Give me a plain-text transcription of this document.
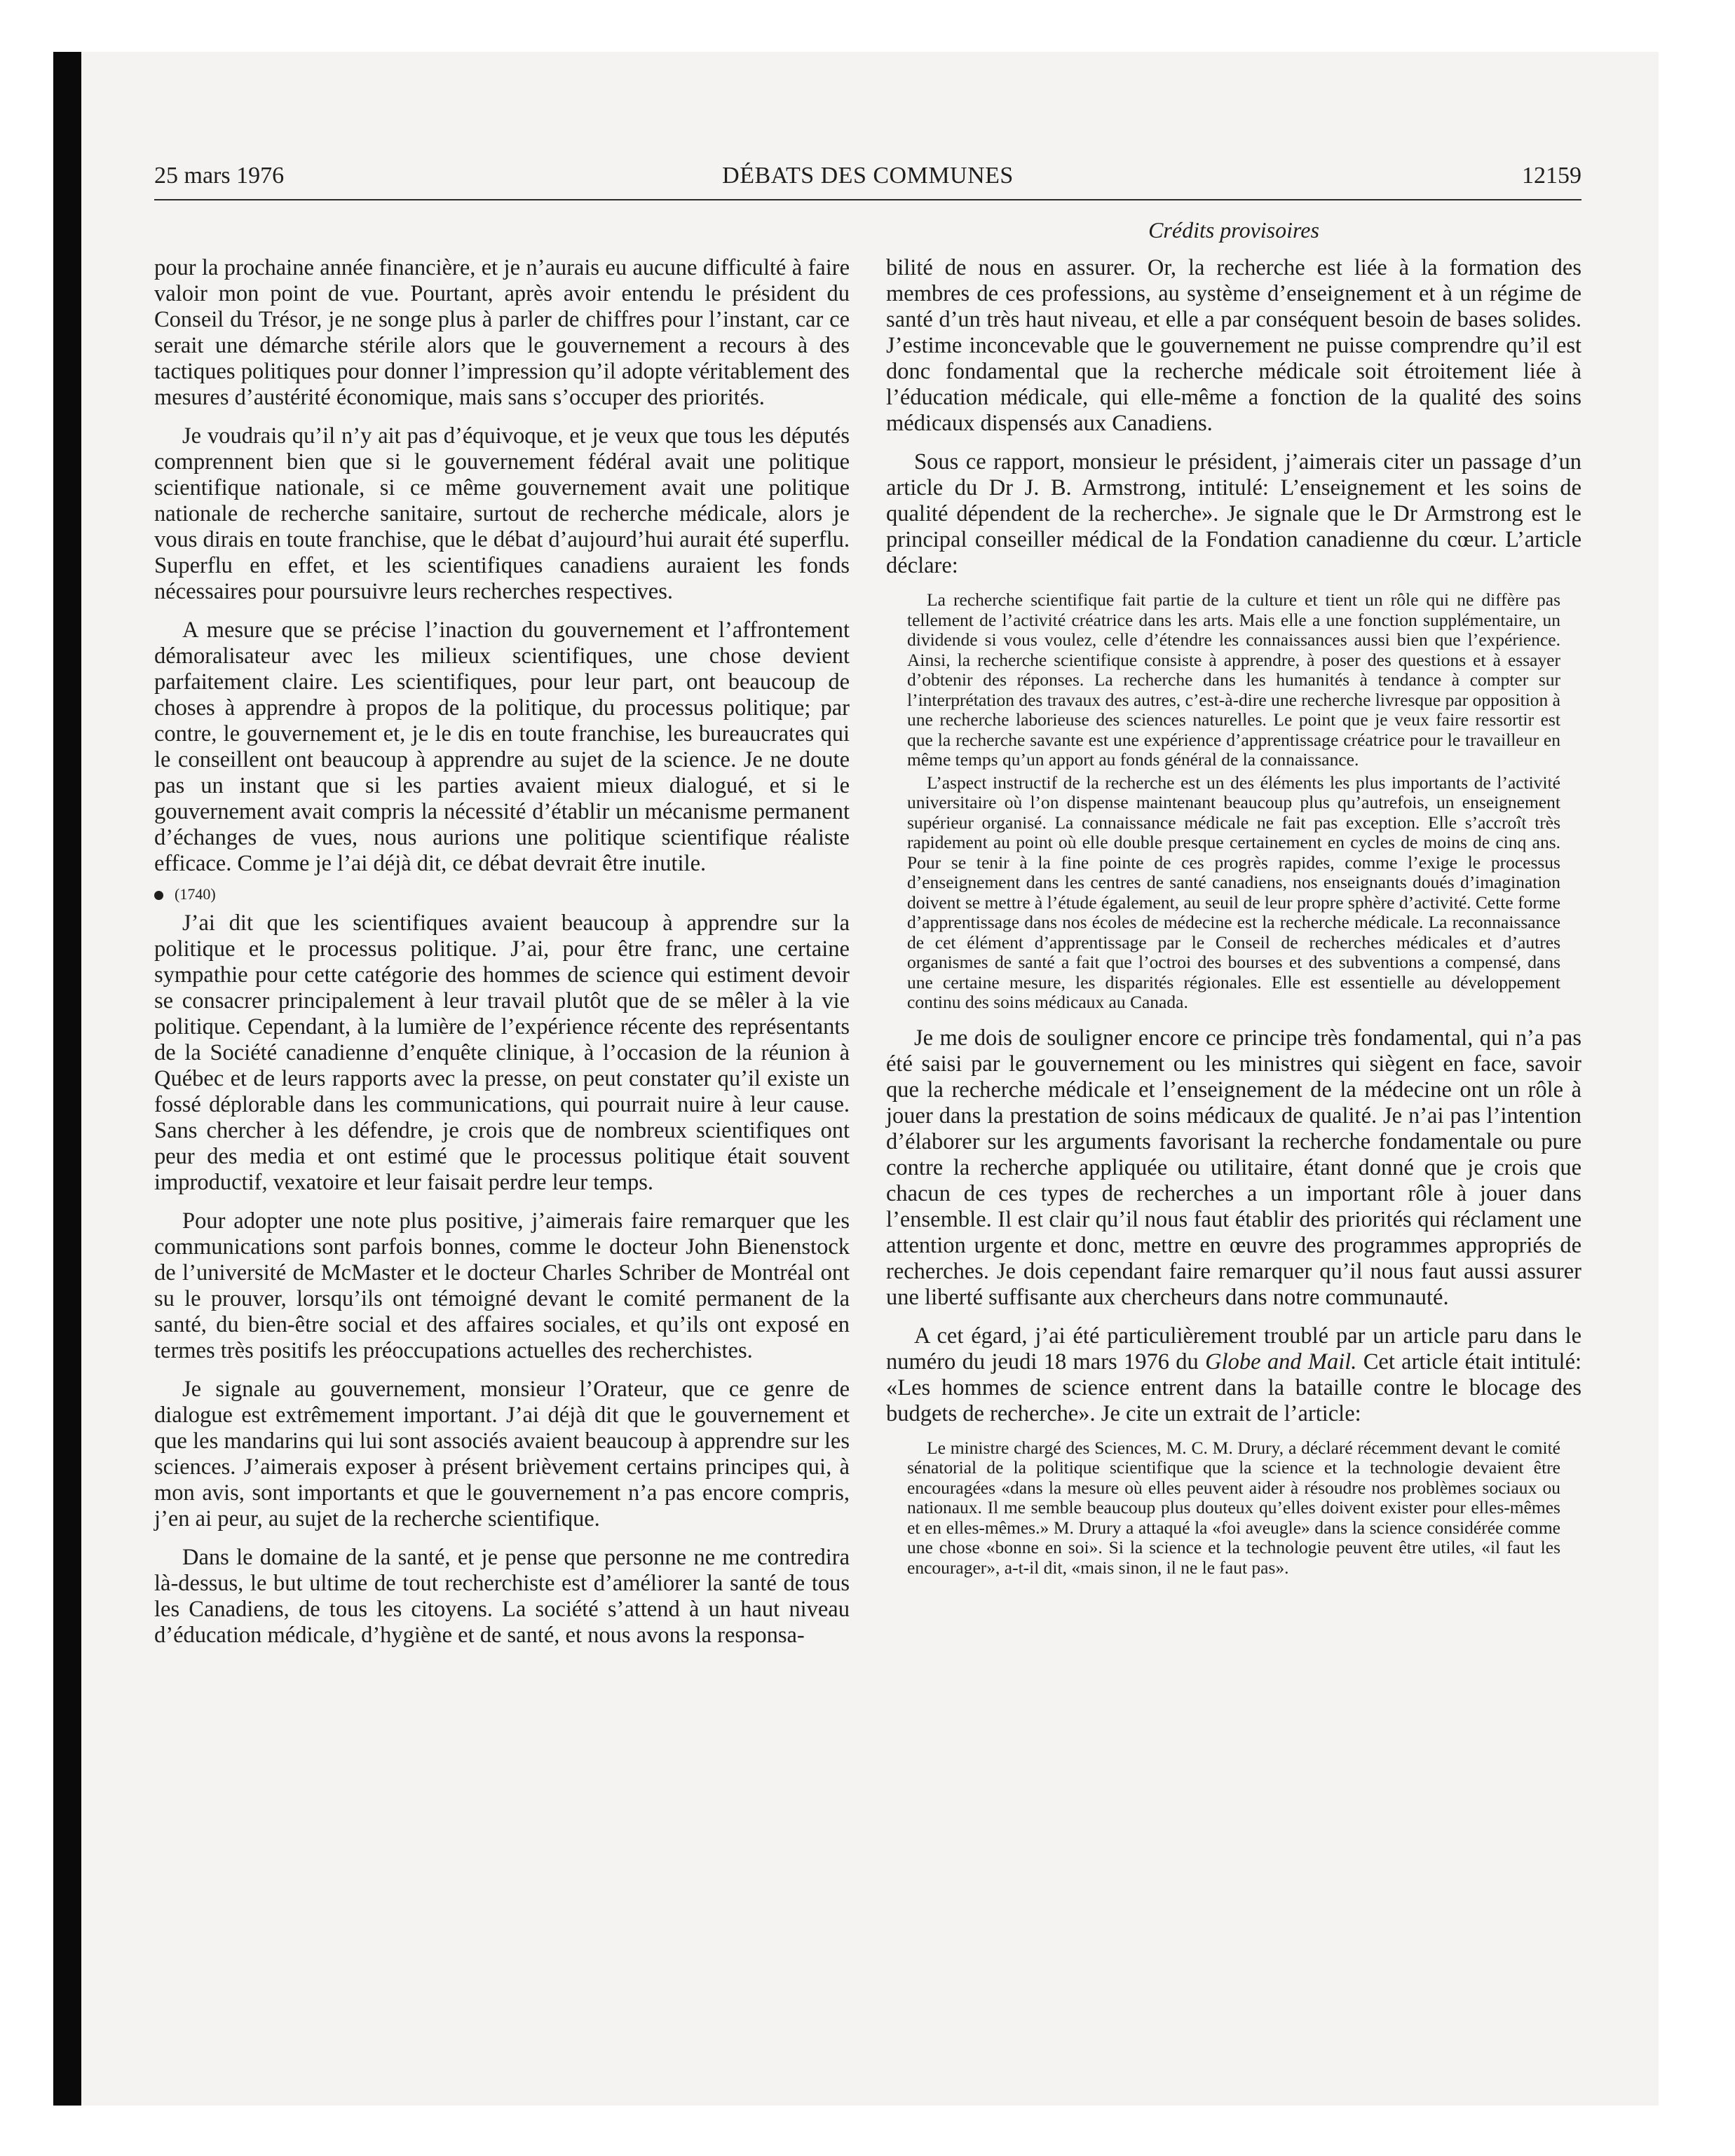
DÉBATS DES COMMUNES
25 mars 1976	12159
Crédits provisoires

pour la prochaine année financière, et je n’aurais eu aucune difficulté à faire valoir mon point de vue. Pourtant, après avoir entendu le président du Conseil du Trésor, je ne songe plus à parler de chiffres pour l’instant, car ce serait une démarche stérile alors que le gouvernement a recours à des tactiques politiques pour donner l’impression qu’il adopte véritablement des mesures d’austérité économique, mais sans s’occuper des priorités.

Je voudrais qu’il n’y ait pas d’équivoque, et je veux que tous les députés comprennent bien que si le gouvernement fédéral avait une politique scientifique nationale, si ce même gouvernement avait une politique nationale de recherche sanitaire, surtout de recherche médicale, alors je vous dirais en toute franchise, que le débat d’aujourd’hui aurait été superflu. Superflu en effet, et les scientifiques canadiens auraient les fonds nécessaires pour poursuivre leurs recherches respectives.

A mesure que se précise l’inaction du gouvernement et l’affrontement démoralisateur avec les milieux scientifiques, une chose devient parfaitement claire. Les scientifiques, pour leur part, ont beaucoup de choses à apprendre à propos de la politique, du processus politique; par contre, le gouvernement et, je le dis en toute franchise, les bureaucrates qui le conseillent ont beaucoup à apprendre au sujet de la science. Je ne doute pas un instant que si les parties avaient mieux dialogué, et si le gouvernement avait compris la nécessité d’établir un mécanisme permanent d’échanges de vues, nous aurions une politique scientifique réaliste efficace. Comme je l’ai déjà dit, ce débat devrait être inutile.

(1740)

J’ai dit que les scientifiques avaient beaucoup à apprendre sur la politique et le processus politique. J’ai, pour être franc, une certaine sympathie pour cette catégorie des hommes de science qui estiment devoir se consacrer principalement à leur travail plutôt que de se mêler à la vie politique. Cependant, à la lumière de l’expérience récente des représentants de la Société canadienne d’enquête clinique, à l’occasion de la réunion à Québec et de leurs rapports avec la presse, on peut constater qu’il existe un fossé déplorable dans les communications, qui pourrait nuire à leur cause. Sans chercher à les défendre, je crois que de nombreux scientifiques ont peur des media et ont estimé que le processus politique était souvent improductif, vexatoire et leur faisait perdre leur temps.

Pour adopter une note plus positive, j’aimerais faire remarquer que les communications sont parfois bonnes, comme le docteur John Bienenstock de l’université de McMaster et le docteur Charles Schriber de Montréal ont su le prouver, lorsqu’ils ont témoigné devant le comité permanent de la santé, du bien-être social et des affaires sociales, et qu’ils ont exposé en termes très positifs les préoccupations actuelles des recherchistes.

Je signale au gouvernement, monsieur l’Orateur, que ce genre de dialogue est extrêmement important. J’ai déjà dit que le gouvernement et que les mandarins qui lui sont associés avaient beaucoup à apprendre sur les sciences. J’aimerais exposer à présent brièvement certains principes qui, à mon avis, sont importants et que le gouvernement n’a pas encore compris, j’en ai peur, au sujet de la recherche scientifique.

Dans le domaine de la santé, et je pense que personne ne me contredira là-dessus, le but ultime de tout recherchiste est d’améliorer la santé de tous les Canadiens, de tous les citoyens. La société s’attend à un haut niveau d’éducation médicale, d’hygiène et de santé, et nous avons la responsa-

bilité de nous en assurer. Or, la recherche est liée à la formation des membres de ces professions, au système d’enseignement et à un régime de santé d’un très haut niveau, et elle a par conséquent besoin de bases solides. J’estime inconcevable que le gouvernement ne puisse comprendre qu’il est donc fondamental que la recherche médicale soit étroitement liée à l’éducation médicale, qui elle-même a fonction de la qualité des soins médicaux dispensés aux Canadiens.

Sous ce rapport, monsieur le président, j’aimerais citer un passage d’un article du Dr J. B. Armstrong, intitulé: L’enseignement et les soins de qualité dépendent de la recherche». Je signale que le Dr Armstrong est le principal conseiller médical de la Fondation canadienne du cœur. L’article déclare:

La recherche scientifique fait partie de la culture et tient un rôle qui ne diffère pas tellement de l’activité créatrice dans les arts. Mais elle a une fonction supplémentaire, un dividende si vous voulez, celle d’étendre les connaissances aussi bien que l’expérience. Ainsi, la recherche scientifique consiste à apprendre, à poser des questions et à essayer d’obtenir des réponses. La recherche dans les humanités à tendance à compter sur l’interprétation des travaux des autres, c’est-à-dire une recherche livresque par opposition à une recherche laborieuse des sciences naturelles. Le point que je veux faire ressortir est que la recherche savante est une expérience d’apprentissage créatrice pour le travailleur en même temps qu’un apport au fonds général de la connaissance.

L’aspect instructif de la recherche est un des éléments les plus importants de l’activité universitaire où l’on dispense maintenant beaucoup plus qu’autrefois, un enseignement supérieur organisé. La connaissance médicale ne fait pas exception. Elle s’accroît très rapidement au point où elle double presque certainement en cycles de moins de cinq ans. Pour se tenir à la fine pointe de ces progrès rapides, comme l’exige le processus d’enseignement dans les centres de santé canadiens, nos enseignants doués d’imagination doivent se mettre à l’étude également, au seuil de leur propre sphère d’activité. Cette forme d’apprentissage dans nos écoles de médecine est la recherche médicale. La reconnaissance de cet élément d’apprentissage par le Conseil de recherches médicales et d’autres organismes de santé a fait que l’octroi des bourses et des subventions a compensé, dans une certaine mesure, les disparités régionales. Elle est essentielle au développement continu des soins médicaux au Canada.

Je me dois de souligner encore ce principe très fondamental, qui n’a pas été saisi par le gouvernement ou les ministres qui siègent en face, savoir que la recherche médicale et l’enseignement de la médecine ont un rôle à jouer dans la prestation de soins médicaux de qualité. Je n’ai pas l’intention d’élaborer sur les arguments favorisant la recherche fondamentale ou pure contre la recherche appliquée ou utilitaire, étant donné que je crois que chacun de ces types de recherches a un important rôle à jouer dans l’ensemble. Il est clair qu’il nous faut établir des priorités qui réclament une attention urgente et donc, mettre en œuvre des programmes appropriés de recherches. Je dois cependant faire remarquer qu’il nous faut aussi assurer une liberté suffisante aux chercheurs dans notre communauté.

A cet égard, j’ai été particulièrement troublé par un article paru dans le numéro du jeudi 18 mars 1976 du Globe and Mail. Cet article était intitulé: «Les hommes de science entrent dans la bataille contre le blocage des budgets de recherche». Je cite un extrait de l’article:

Le ministre chargé des Sciences, M. C. M. Drury, a déclaré récemment devant le comité sénatorial de la politique scientifique que la science et la technologie devaient être encouragées «dans la mesure où elles peuvent aider à résoudre nos problèmes sociaux ou nationaux. Il me semble beaucoup plus douteux qu’elles doivent exister pour elles-mêmes et en elles-mêmes.» M. Drury a attaqué la «foi aveugle» dans la science considérée comme une chose «bonne en soi». Si la science et la technologie peuvent être utiles, «il faut les encourager», a-t-il dit, «mais sinon, il ne le faut pas».
